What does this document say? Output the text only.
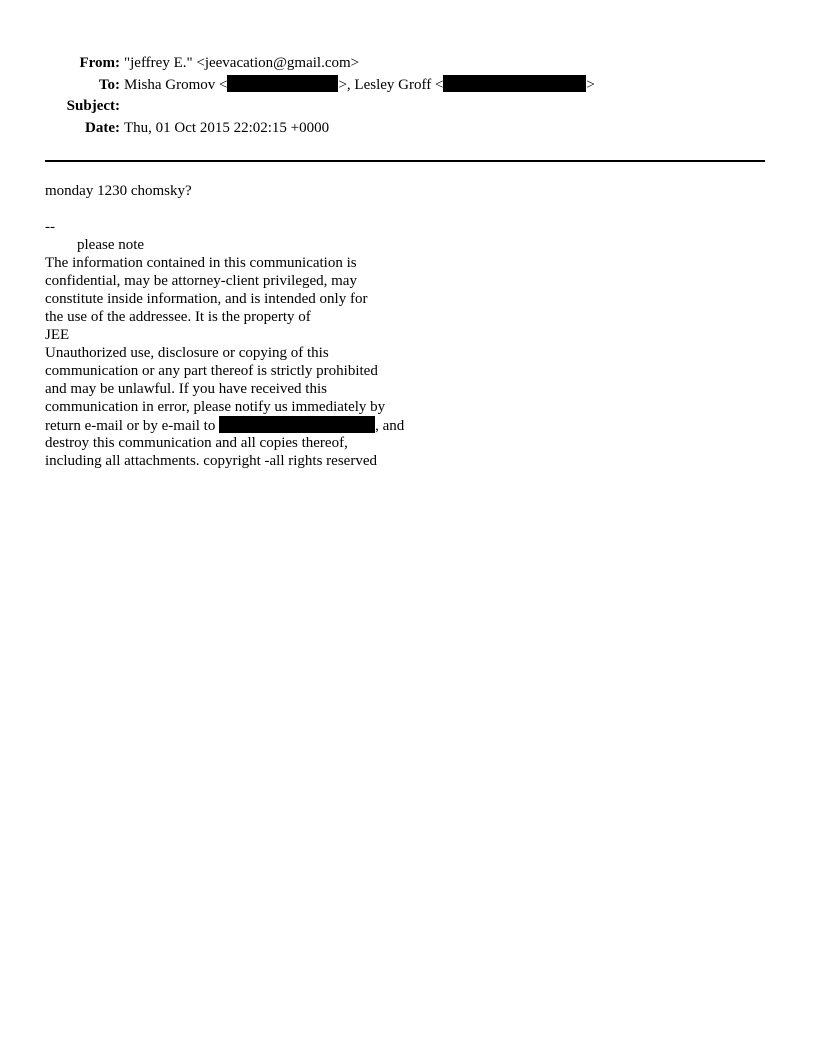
From: "jeffrey E." <jeevacation@gmail.com>
To: Misha Gromov <	>, Lesley Groff <	>
Subject:
Date: Thu, 01 Oct 2015 22:02:15 +0000
monday 1230 chomsky?
--
please note
The information contained in this communication is
confidential, may be attorney-client privileged, may
constitute inside information, and is intended only for
the use of the addressee. It is the property of
JEE
Unauthorized use, disclosure or copying of this
communication or any part thereof is strictly prohibited
and may be unlawful. If you have received this
communication in error, please notify us immediately by
return e-mail or by e-mail to	, and
destroy this communication and all copies thereof,
including all attachments. copyright -all rights reserved
